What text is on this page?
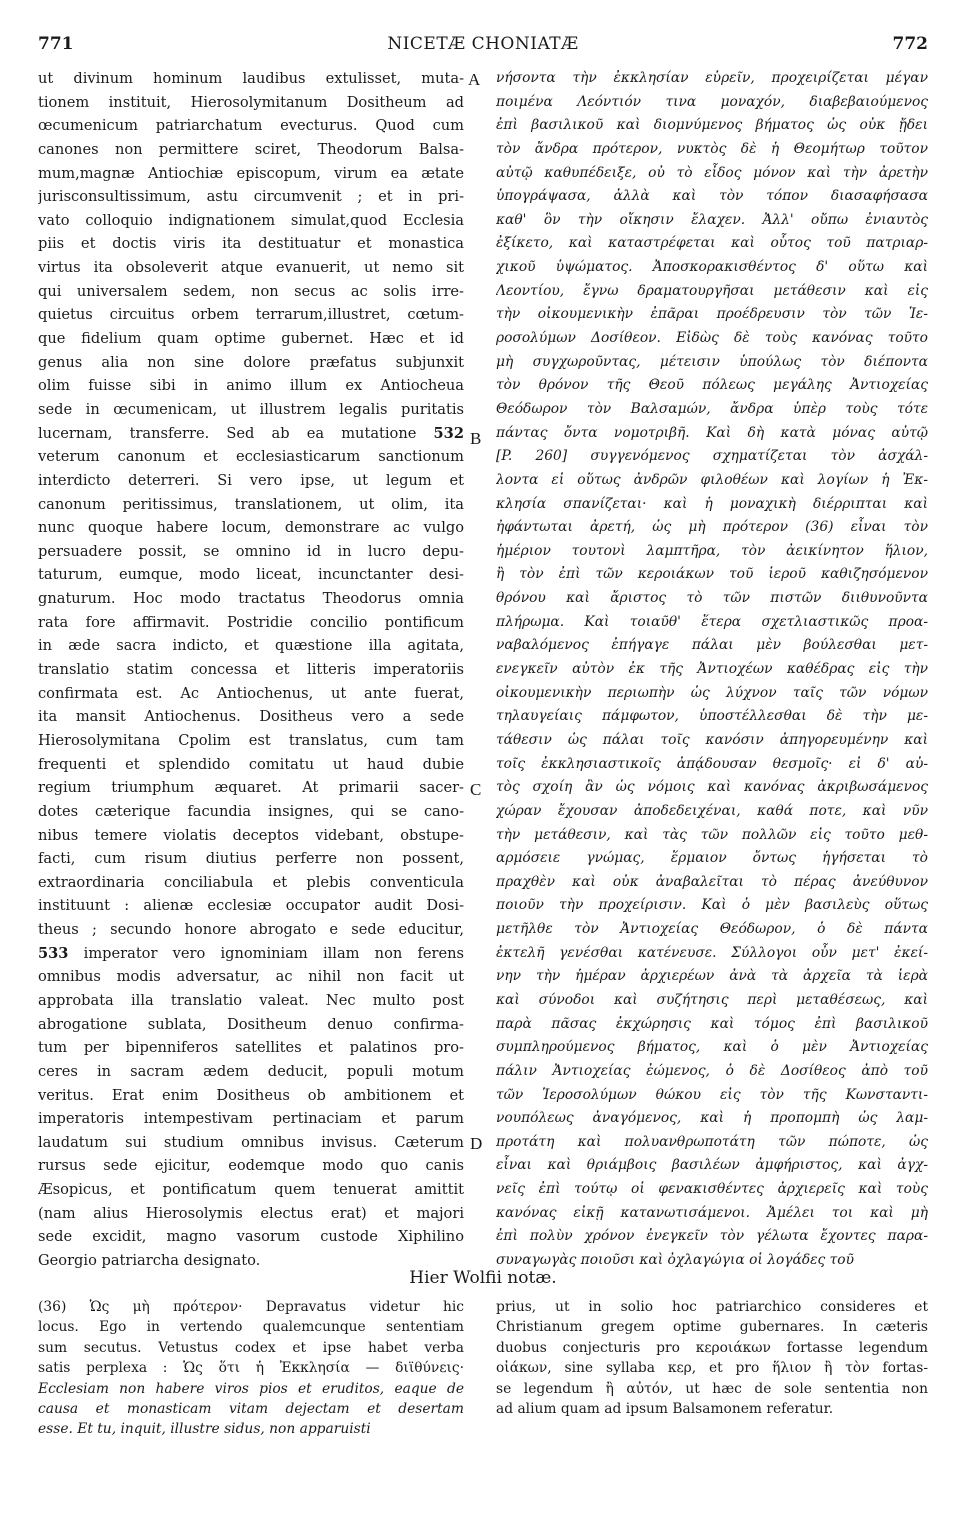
771	NICETÆ CHONIATÆ	772
ut divinum hominum laudibus extulisset, muta-
tionem instituit, Hierosolymitanum Dositheum ad
œcumenicum patriarchatum evecturus. Quod cum
canones non permittere sciret, Theodorum Balsa-
mum,magnæ Antiochiæ episcopum, virum ea ætate
jurisconsultissimum, astu circumvenit ; et in pri-
vato colloquio indignationem simulat,quod Ecclesia
piis et doctis viris ita destituatur et monastica
virtus ita obsoleverit atque evanuerit, ut nemo sit
qui universalem sedem, non secus ac solis irre-
quietus circuitus orbem terrarum,illustret, cœtum-
que fidelium quam optime gubernet. Hæc et id
genus alia non sine dolore præfatus subjunxit
olim fuisse sibi in animo illum ex Antiocheua
sede in œcumenicam, ut illustrem legalis puritatis
lucernam, transferre. Sed ab ea mutatione 532
veterum canonum et ecclesiasticarum sanctionum
interdicto deterreri. Si vero ipse, ut legum et
canonum peritissimus, translationem, ut olim, ita
nunc quoque habere locum, demonstrare ac vulgo
persuadere possit, se omnino id in lucro depu-
taturum, eumque, modo liceat, incunctanter desi-
gnaturum. Hoc modo tractatus Theodorus omnia
rata fore affirmavit. Postridie concilio pontificum
in æde sacra indicto, et quæstione illa agitata,
translatio statim concessa et litteris imperatoriis
confirmata est. Ac Antiochenus, ut ante fuerat,
ita mansit Antiochenus. Dositheus vero a sede
Hierosolymitana Cpolim est translatus, cum tam
frequenti et splendido comitatu ut haud dubie
regium triumphum æquaret. At primarii sacer-
dotes cæterique facundia insignes, qui se cano-
nibus temere violatis deceptos videbant, obstupe-
facti, cum risum diutius perferre non possent,
extraordinaria conciliabula et plebis conventicula
instituunt : alienæ ecclesiæ occupator audit Dosi-
theus ; secundo honore abrogato e sede educitur,
533 imperator vero ignominiam illam non ferens
omnibus modis adversatur, ac nihil non facit ut
approbata illa translatio valeat. Nec multo post
abrogatione sublata, Dositheum denuo confirma-
tum per bipenniferos satellites et palatinos pro-
ceres in sacram ædem deducit, populi motum
veritus. Erat enim Dositheus ob ambitionem et
imperatoris intempestivam pertinaciam et parum
laudatum sui studium omnibus invisus. Cæterum
rursus sede ejicitur, eodemque modo quo canis
Æsopicus, et pontificatum quem tenuerat amittit
(nam alius Hierosolymis electus erat) et majori
sede excidit, magno vasorum custode Xiphilino
Georgio patriarcha designato.
νήσοντα τὴν ἐκκλησίαν εὑρεῖν, προχειρίζεται μέγαν
ποιμένα Λεόντιόν τινα μοναχόν, διαβεβαιούμενος
ἐπὶ βασιλικοῦ καὶ διομνύμενος βήματος ὡς οὐκ ᾔδει
τὸν ἄνδρα πρότερον, νυκτὸς δὲ ἡ Θεομήτωρ τοῦτον
αὐτῷ καθυπέδειξε, οὐ τὸ εἶδος μόνον καὶ τὴν ἀρετὴν
ὑπογράψασα, ἀλλὰ καὶ τὸν τόπον διασαφήσασα
καθ' ὃν τὴν οἴκησιν ἔλαχεν. Ἀλλ' οὔπω ἐνιαυτὸς
ἐξίκετο, καὶ καταστρέφεται καὶ οὗτος τοῦ πατριαρ-
χικοῦ ὑψώματος. Ἀποσκορακισθέντος δ' οὕτω καὶ
Λεοντίου, ἔγνω δραματουργῆσαι μετάθεσιν καὶ εἰς
τὴν οἰκουμενικὴν ἐπᾶραι προέδρευσιν τὸν τῶν Ἱε-
ροσολύμων Δοσίθεον. Εἰδὼς δὲ τοὺς κανόνας τοῦτο
μὴ συγχωροῦντας, μέτεισιν ὑπούλως τὸν διέποντα
τὸν θρόνον τῆς Θεοῦ πόλεως μεγάλης Ἀντιοχείας
Θεόδωρον τὸν Βαλσαμών, ἄνδρα ὑπὲρ τοὺς τότε
πάντας ὄντα νομοτριβῆ. Καὶ δὴ κατὰ μόνας αὐτῷ
[P. 260] συγγενόμενος σχηματίζεται τὸν ἀσχάλ-
λοντα εἰ οὕτως ἀνδρῶν φιλοθέων καὶ λογίων ἡ Ἐκ-
κλησία σπανίζεται· καὶ ἡ μοναχικὴ διέρριπται καὶ
ἠφάντωται ἀρετή, ὡς μὴ πρότερον (36) εἶναι τὸν
ἡμέριον τουτονὶ λαμπτῆρα, τὸν ἀεικίνητον ἥλιον,
ἢ τὸν ἐπὶ τῶν κεροιάκων τοῦ ἱεροῦ καθιζησόμενον
θρόνου καὶ ἄριστος τὸ τῶν πιστῶν διιθυνοῦντα
πλήρωμα. Καὶ τοιαῦθ' ἕτερα σχετλιαστικῶς προα-
ναβαλόμενος ἐπήγαγε πάλαι μὲν βούλεσθαι μετ-
ενεγκεῖν αὐτὸν ἐκ τῆς Ἀντιοχέων καθέδρας εἰς τὴν
οἰκουμενικὴν περιωπὴν ὡς λύχνον ταῖς τῶν νόμων
τηλαυγείαις πάμφωτον, ὑποστέλλεσθαι δὲ τὴν με-
τάθεσιν ὡς πάλαι τοῖς κανόσιν ἀπηγορευμένην καὶ
τοῖς ἐκκλησιαστικοῖς ἀπᾴδουσαν θεσμοῖς· εἰ δ' αὐ-
τὸς σχοίη ἂν ὡς νόμοις καὶ κανόνας ἀκριβωσάμενος
χώραν ἔχουσαν ἀποδεδειχέναι, καθά ποτε, καὶ νῦν
τὴν μετάθεσιν, καὶ τὰς τῶν πολλῶν εἰς τοῦτο μεθ-
αρμόσειε γνώμας, ἕρμαιον ὄντως ἡγήσεται τὸ
πραχθὲν καὶ οὐκ ἀναβαλεῖται τὸ πέρας ἀνεύθυνον
ποιοῦν τὴν προχείρισιν. Καὶ ὁ μὲν βασιλεὺς οὕτως
μετῆλθε τὸν Ἀντιοχείας Θεόδωρον, ὁ δὲ πάντα
ἐκτελῆ γενέσθαι κατένευσε. Σύλλογοι οὖν μετ' ἐκεί-
νην τὴν ἡμέραν ἀρχιερέων ἀνὰ τὰ ἀρχεῖα τὰ ἱερὰ
καὶ σύνοδοι καὶ συζήτησις περὶ μεταθέσεως, καὶ
παρὰ πᾶσας ἐκχώρησις καὶ τόμος ἐπὶ βασιλικοῦ
συμπληρούμενος βήματος, καὶ ὁ μὲν Ἀντιοχείας
πάλιν Ἀντιοχείας ἐώμενος, ὁ δὲ Δοσίθεος ἀπὸ τοῦ
τῶν Ἱεροσολύμων θώκου εἰς τὸν τῆς Κωνσταντι-
νουπόλεως ἀναγόμενος, καὶ ἡ προπομπὴ ὡς λαμ-
προτάτη καὶ πολυανθρωποτάτη τῶν πώποτε, ὡς
εἶναι καὶ θριάμβοις βασιλέων ἀμφήριστος, καὶ ἀγχ-
νεῖς ἐπὶ τούτῳ οἱ φενακισθέντες ἀρχιερεῖς καὶ τοὺς
κανόνας εἰκῇ κατανωτισάμενοι. Ἀμέλει τοι καὶ μὴ
ἐπὶ πολὺν χρόνον ἐνεγκεῖν τὸν γέλωτα ἔχοντες παρα-
συναγωγὰς ποιοῦσι καὶ ὀχλαγώγια οἱ λογάδες τοῦ
A
B
C
D
Hier Wolfii notæ.
(36) Ὡς μὴ πρότερον· Depravatus videtur hic
locus. Ego in vertendo qualemcunque sententiam
sum secutus. Vetustus codex et ipse habet verba
satis perplexa : Ὡς ὅτι ἡ Ἐκκλησία — διϊθύνεις·
Ecclesiam non habere viros pios et eruditos, eaque de
causa et monasticam vitam dejectam et desertam
esse. Et tu, inquit, illustre sidus, non apparuisti
prius, ut in solio hoc patriarchico consideres et
Christianum gregem optime gubernares. In cæteris
duobus conjecturis pro κεροιάκων fortasse legendum
οἰάκων, sine syllaba κερ, et pro ἥλιον ἢ τὸν fortas-
se legendum ἢ αὐτόν, ut hæc de sole sententia non
ad alium quam ad ipsum Balsamonem referatur.
